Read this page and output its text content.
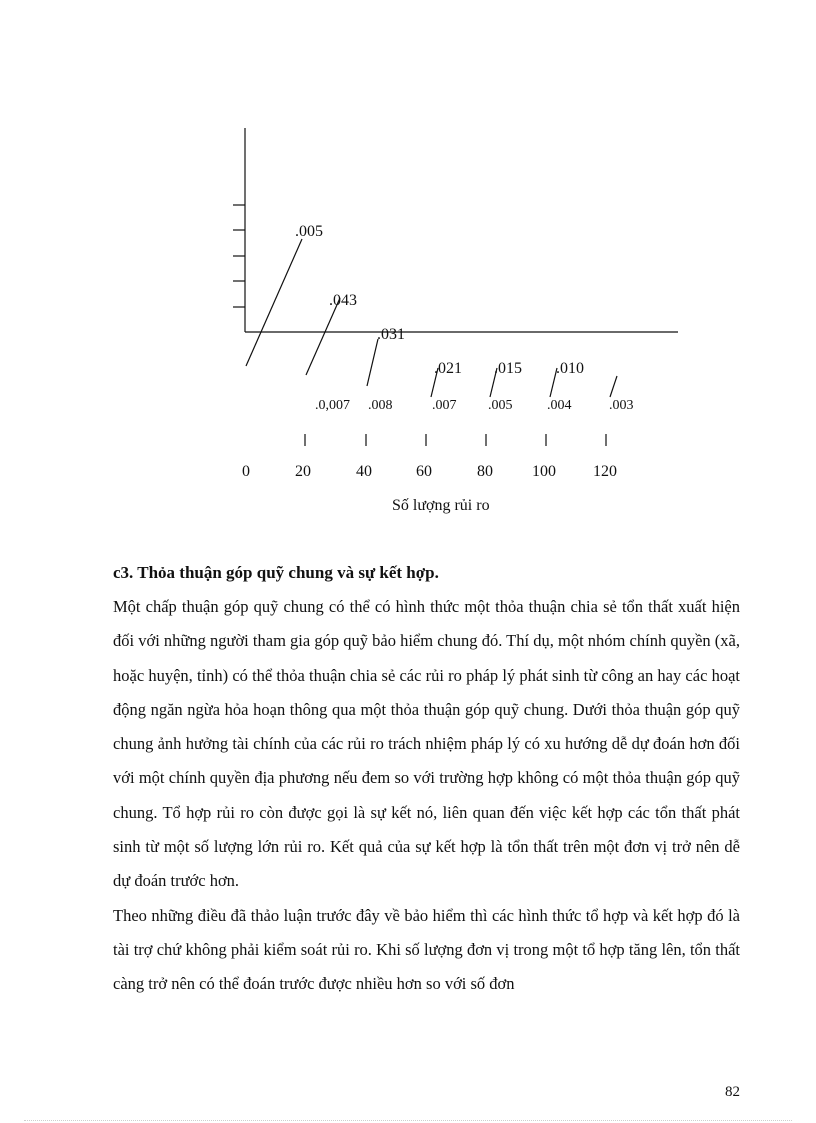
.005
.043
.031
.021 .015 .010
.0,007 .008	.007 .005 .004	.003
0	20	40	60	80 100 120
Số lượng rủi ro
c3. Thỏa thuận góp quỹ chung và sự kết hợp.

Một chấp thuận góp quỹ chung có thể có hình thức một thỏa thuận chia sẻ tổn thất xuất hiện đối với những người tham gia góp quỹ bảo hiểm chung đó. Thí dụ, một nhóm chính quyền (xã, hoặc huyện, tỉnh) có thể thỏa thuận chia sẻ các rủi ro pháp lý phát sinh từ công an hay các hoạt động ngăn ngừa hỏa hoạn thông qua một thỏa thuận góp quỹ chung. Dưới thỏa thuận góp quỹ chung ảnh hưởng tài chính của các rủi ro trách nhiệm pháp lý có xu hướng dễ dự đoán hơn đối với một chính quyền địa phương nếu đem so với trường hợp không có một thỏa thuận góp quỹ chung. Tổ hợp rủi ro còn được gọi là sự kết nó, liên quan đến việc kết hợp các tổn thất phát sinh từ một số lượng lớn rủi ro. Kết quả của sự kết hợp là tổn thất trên một đơn vị trở nên dễ dự đoán trước hơn.

Theo những điều đã thảo luận trước đây về bảo hiểm thì các hình thức tổ hợp và kết hợp đó là tài trợ chứ không phải kiểm soát rủi ro. Khi số lượng đơn vị trong một tổ hợp tăng lên, tổn thất càng trở nên có thể đoán trước được nhiều hơn so với số đơn

82
